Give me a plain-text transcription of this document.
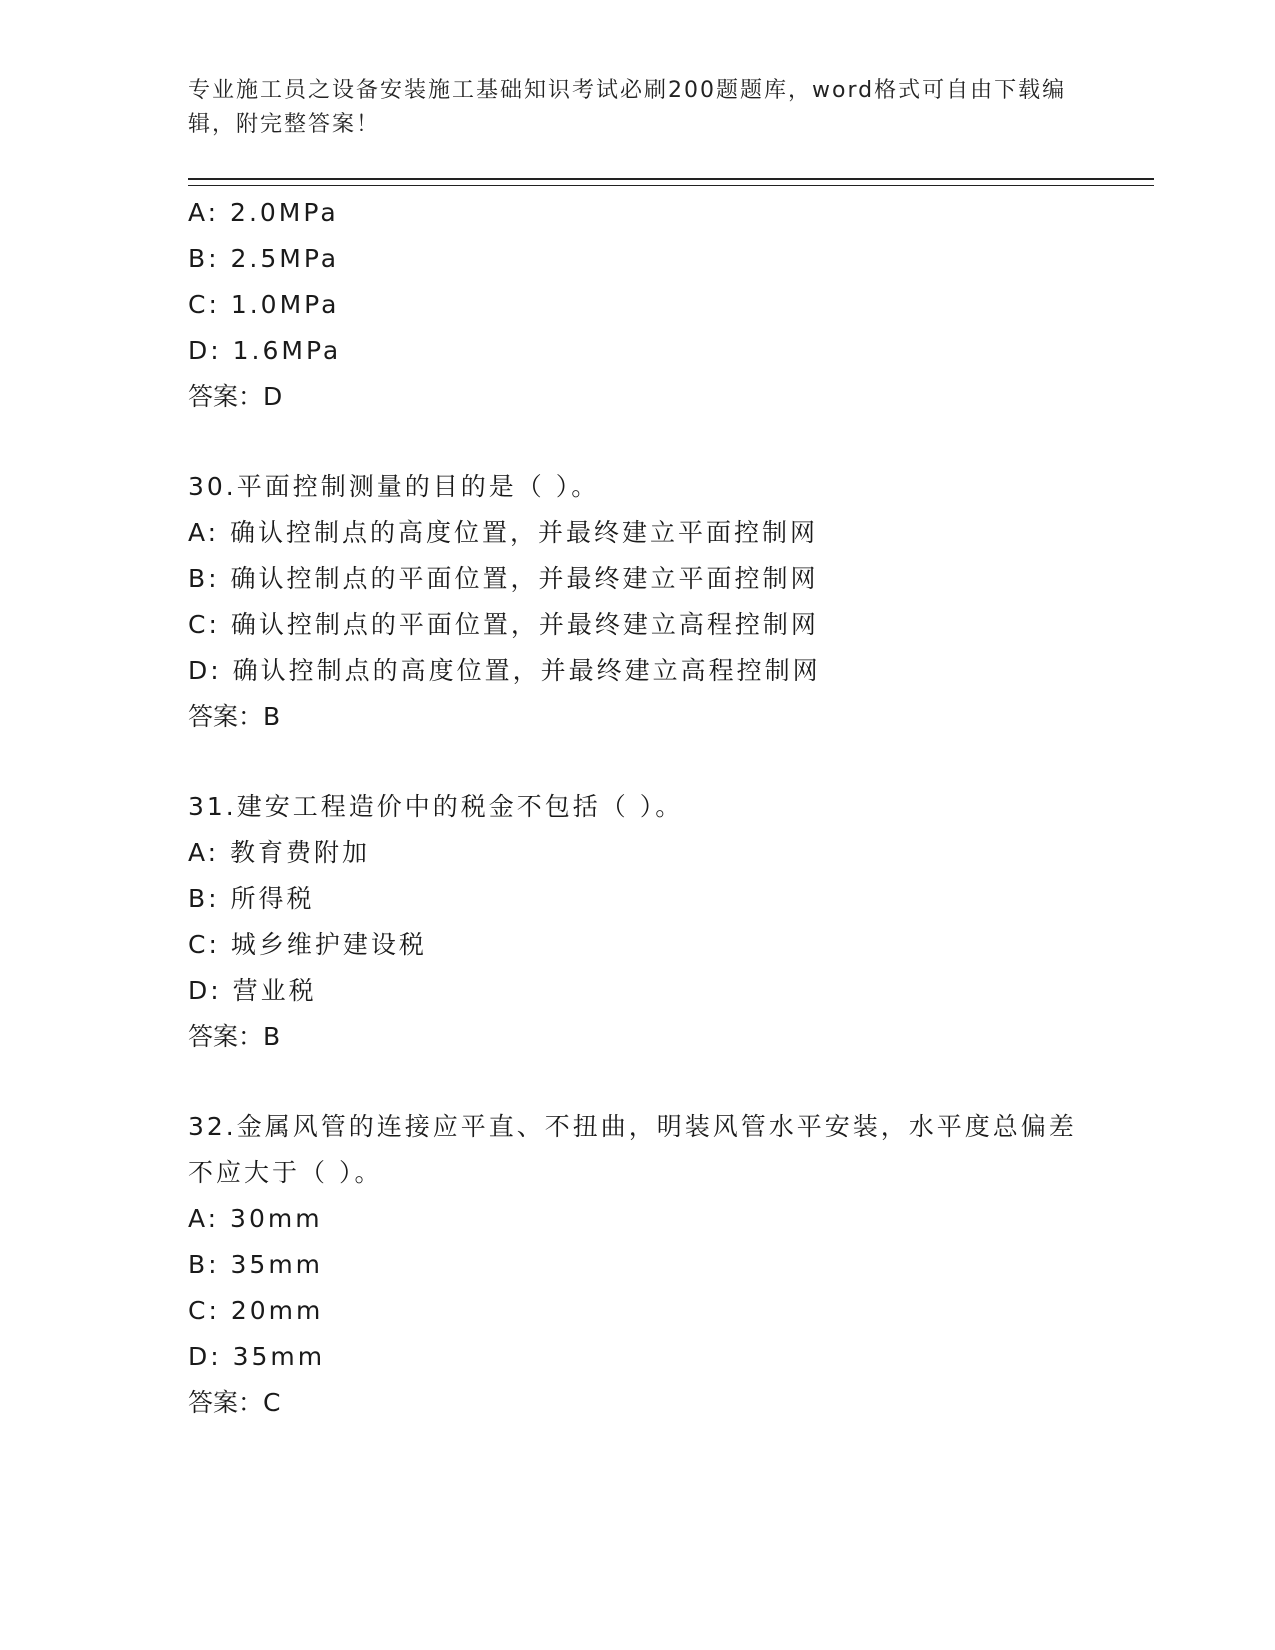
专业施工员之设备安装施工基础知识考试必刷200题题库，word格式可自由下载编辑，附完整答案！
A: 2.0MPa
B: 2.5MPa
C: 1.0MPa
D: 1.6MPa
答案：D
30.平面控制测量的目的是（ ）。
A: 确认控制点的高度位置，并最终建立平面控制网
B: 确认控制点的平面位置，并最终建立平面控制网
C: 确认控制点的平面位置，并最终建立高程控制网
D: 确认控制点的高度位置，并最终建立高程控制网
答案：B
31.建安工程造价中的税金不包括（ ）。
A: 教育费附加
B: 所得税
C: 城乡维护建设税
D: 营业税
答案：B
32.金属风管的连接应平直、不扭曲，明装风管水平安装，水平度总偏差不应大于（ ）。
A: 30mm
B: 35mm
C: 20mm
D: 35mm
答案：C
